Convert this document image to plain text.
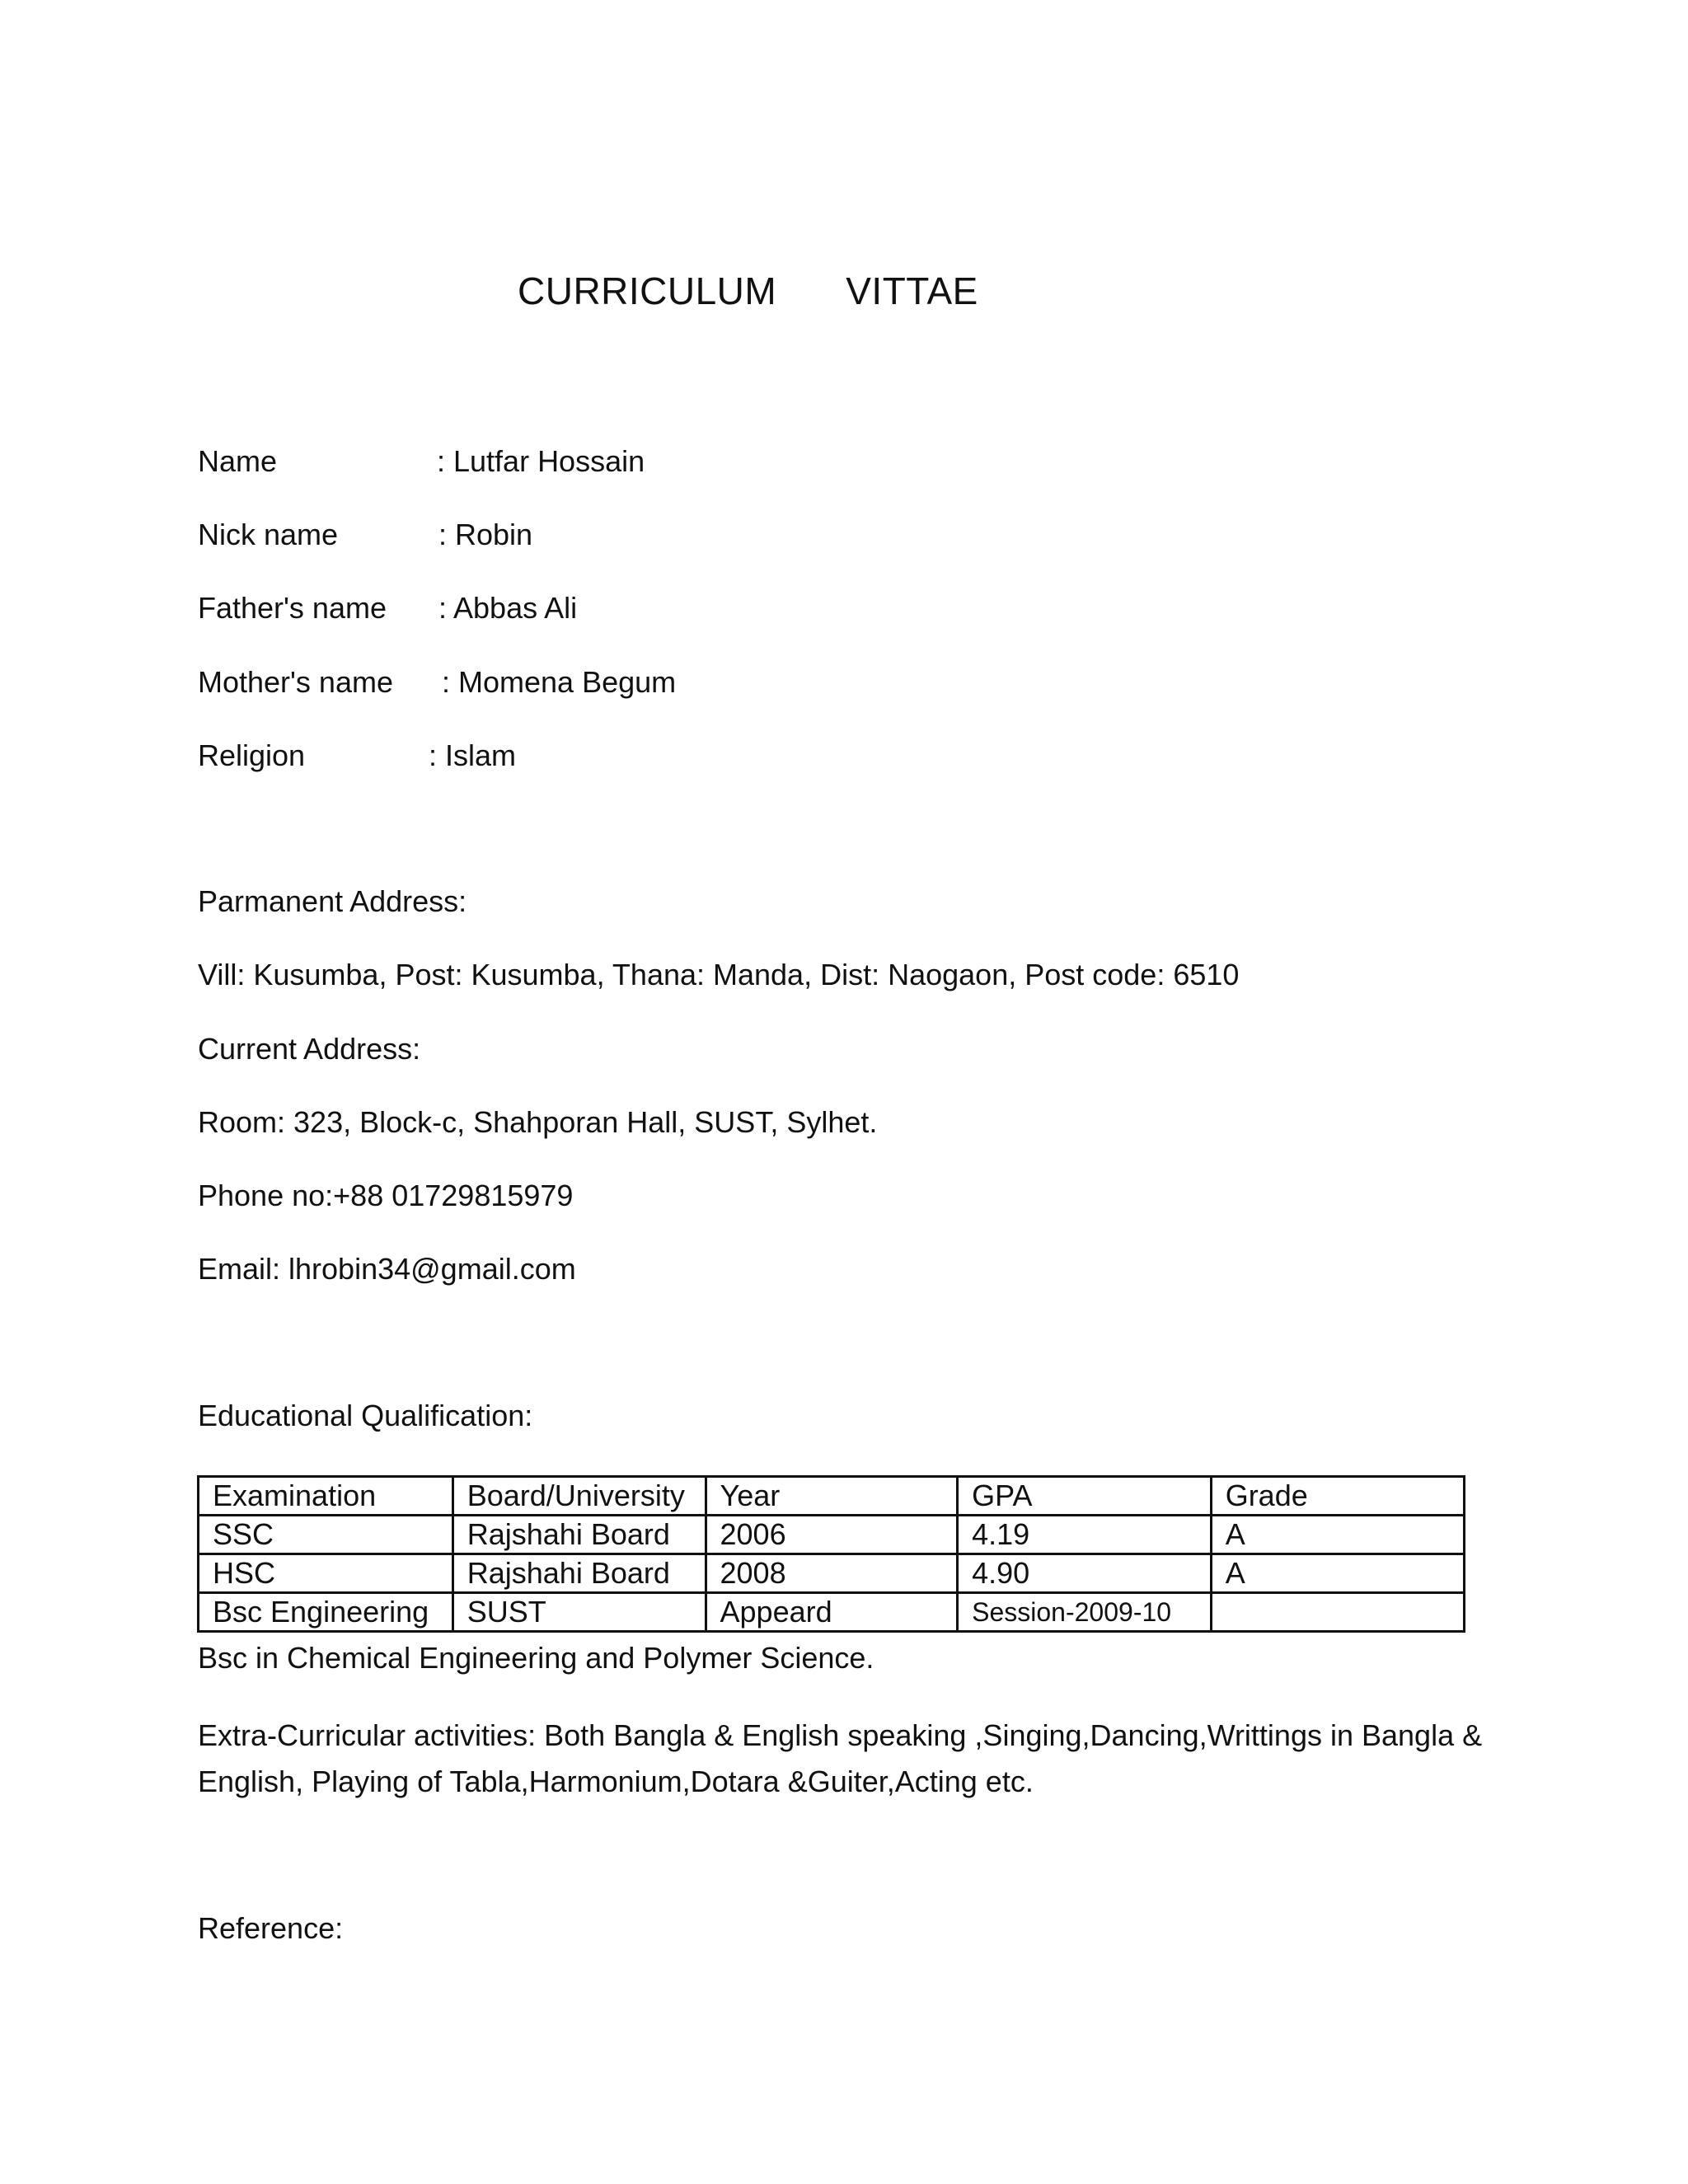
CURRICULUM VITTAE
Name	: Lutfar Hossain
Nick name	: Robin
Father's name : Abbas Ali
Mother's name : Momena Begum
Religion	: Islam
Parmanent Address:
Vill: Kusumba, Post: Kusumba, Thana: Manda, Dist: Naogaon, Post code: 6510
Current Address:
Room: 323, Block-c, Shahporan Hall, SUST, Sylhet.
Phone no:+88 01729815979
Email: lhrobin34@gmail.com
Educational Qualification:
Examination	Board/University	Year	GPA	Grade
SSC	Rajshahi Board	2006	4.19	A
HSC	Rajshahi Board	2008	4.90	A
Bsc Engineering	SUST	Appeard	Session-2009-10	
Bsc in Chemical Engineering and Polymer Science.
Extra-Curricular activities: Both Bangla & English speaking ,Singing,Dancing,Writtings in Bangla & English, Playing of Tabla,Harmonium,Dotara &Guiter,Acting etc.
Reference:
